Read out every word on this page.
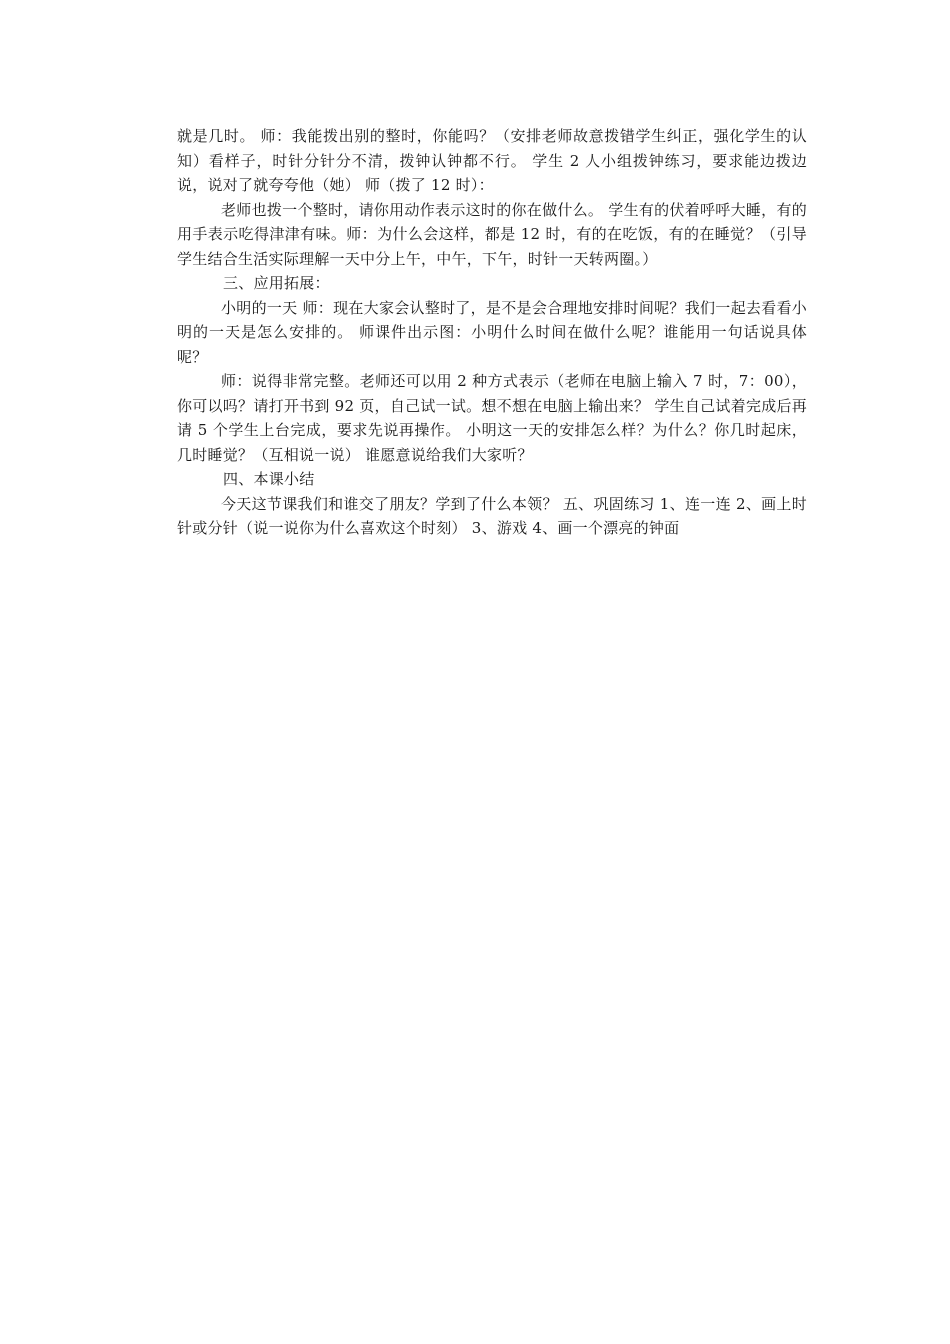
就是几时。 师：我能拨出别的整时，你能吗？（安排老师故意拨错学生纠正，强化学生的认知）看样子，时针分针分不清，拨钟认钟都不行。 学生 2 人小组拨钟练习，要求能边拨边说，说对了就夸夸他（她） 师（拨了 12 时）：

老师也拨一个整时，请你用动作表示这时的你在做什么。 学生有的伏着呼呼大睡，有的用手表示吃得津津有味。师：为什么会这样，都是 12 时，有的在吃饭，有的在睡觉？（引导学生结合生活实际理解一天中分上午，中午，下午，时针一天转两圈。）

三、应用拓展：

小明的一天 师：现在大家会认整时了，是不是会合理地安排时间呢？我们一起去看看小明的一天是怎么安排的。 师课件出示图：小明什么时间在做什么呢？谁能用一句话说具体呢？

师：说得非常完整。老师还可以用 2 种方式表示（老师在电脑上输入 7 时，7：00），你可以吗？请打开书到 92 页，自己试一试。想不想在电脑上输出来？ 学生自己试着完成后再请 5 个学生上台完成，要求先说再操作。 小明这一天的安排怎么样？为什么？你几时起床，几时睡觉？（互相说一说） 谁愿意说给我们大家听？

四、本课小结

今天这节课我们和谁交了朋友？学到了什么本领？ 五、巩固练习 1、连一连 2、画上时针或分针（说一说你为什么喜欢这个时刻） 3、游戏 4、画一个漂亮的钟面
